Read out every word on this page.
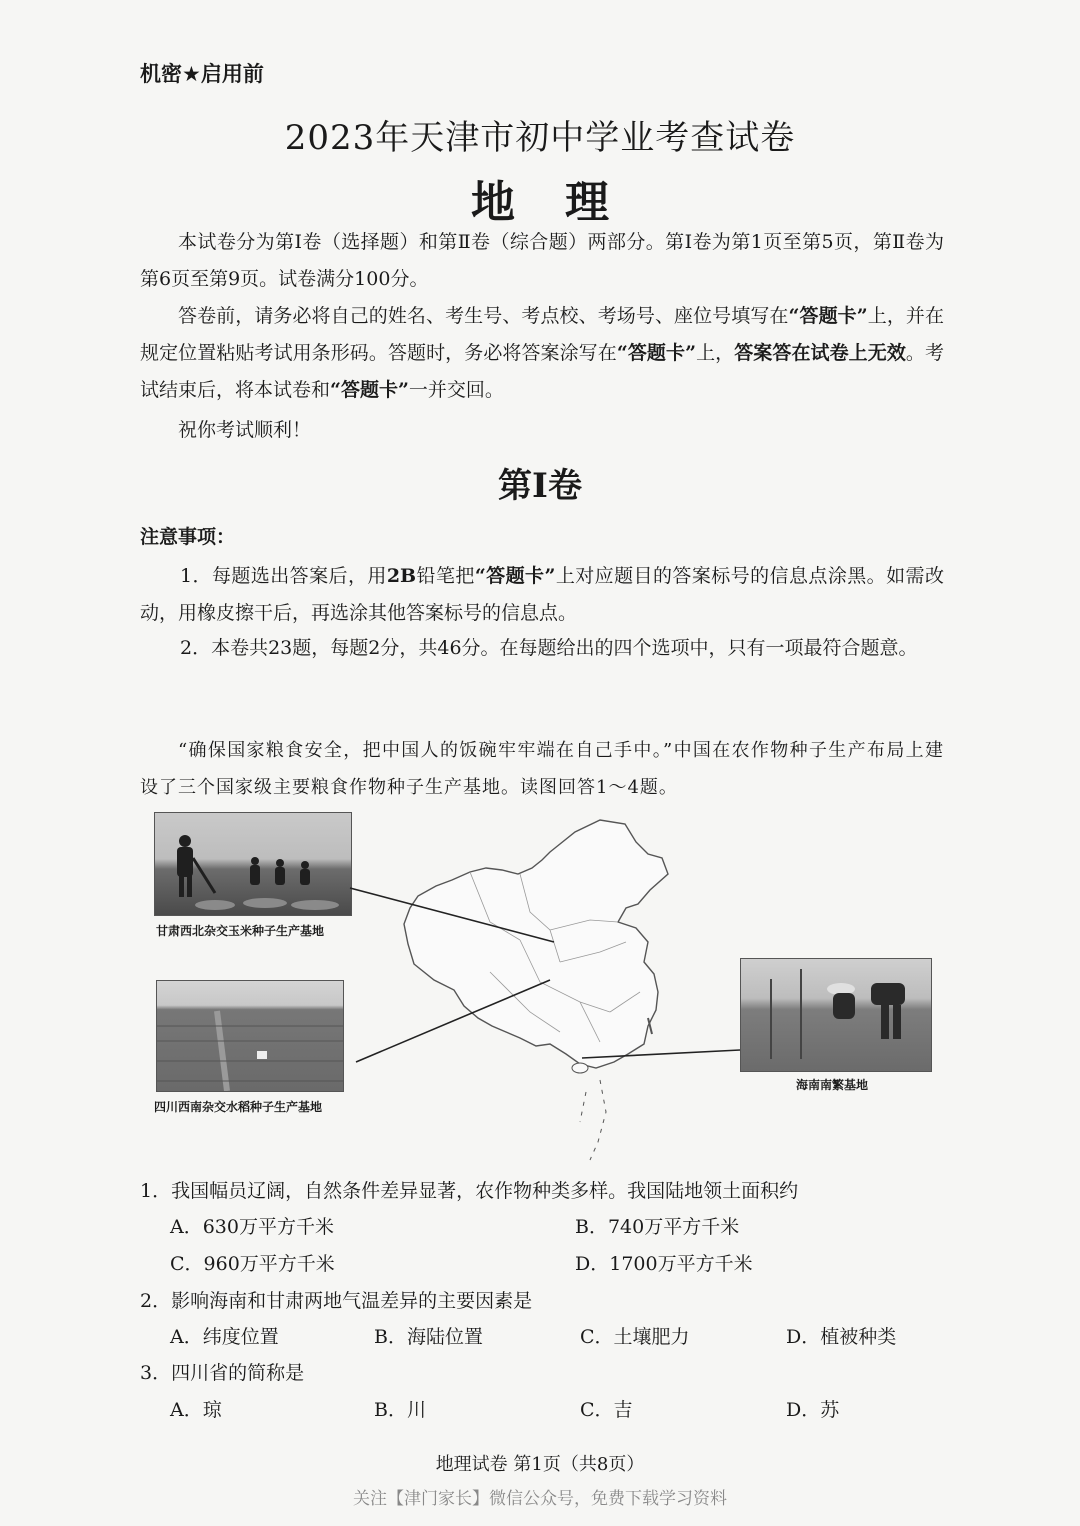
机密★启用前
2023年天津市初中学业考查试卷
地理
本试卷分为第Ⅰ卷（选择题）和第Ⅱ卷（综合题）两部分。第Ⅰ卷为第1页至第5页，第Ⅱ卷为第6页至第9页。试卷满分100分。
答卷前，请务必将自己的姓名、考生号、考点校、考场号、座位号填写在“答题卡”上，并在规定位置粘贴考试用条形码。答题时，务必将答案涂写在“答题卡”上，答案答在试卷上无效。考试结束后，将本试卷和“答题卡”一并交回。
祝你考试顺利！
第Ⅰ卷
注意事项：
1．每题选出答案后，用2B铅笔把“答题卡”上对应题目的答案标号的信息点涂黑。如需改动，用橡皮擦干后，再选涂其他答案标号的信息点。
2．本卷共23题，每题2分，共46分。在每题给出的四个选项中，只有一项最符合题意。
“确保国家粮食安全，把中国人的饭碗牢牢端在自己手中。”中国在农作物种子生产布局上建设了三个国家级主要粮食作物种子生产基地。读图回答1～4题。
甘肃西北杂交玉米种子生产基地
四川西南杂交水稻种子生产基地
海南南繁基地
1．我国幅员辽阔，自然条件差异显著，农作物种类多样。我国陆地领土面积约
A．630万平方千米	B．740万平方千米
C．960万平方千米	D．1700万平方千米
2．影响海南和甘肃两地气温差异的主要因素是
A．纬度位置	B．海陆位置	C．土壤肥力	D．植被种类
3．四川省的简称是
A．琼	B．川	C．吉	D．苏
地理试卷 第1页（共8页）
关注【津门家长】微信公众号，免费下载学习资料
